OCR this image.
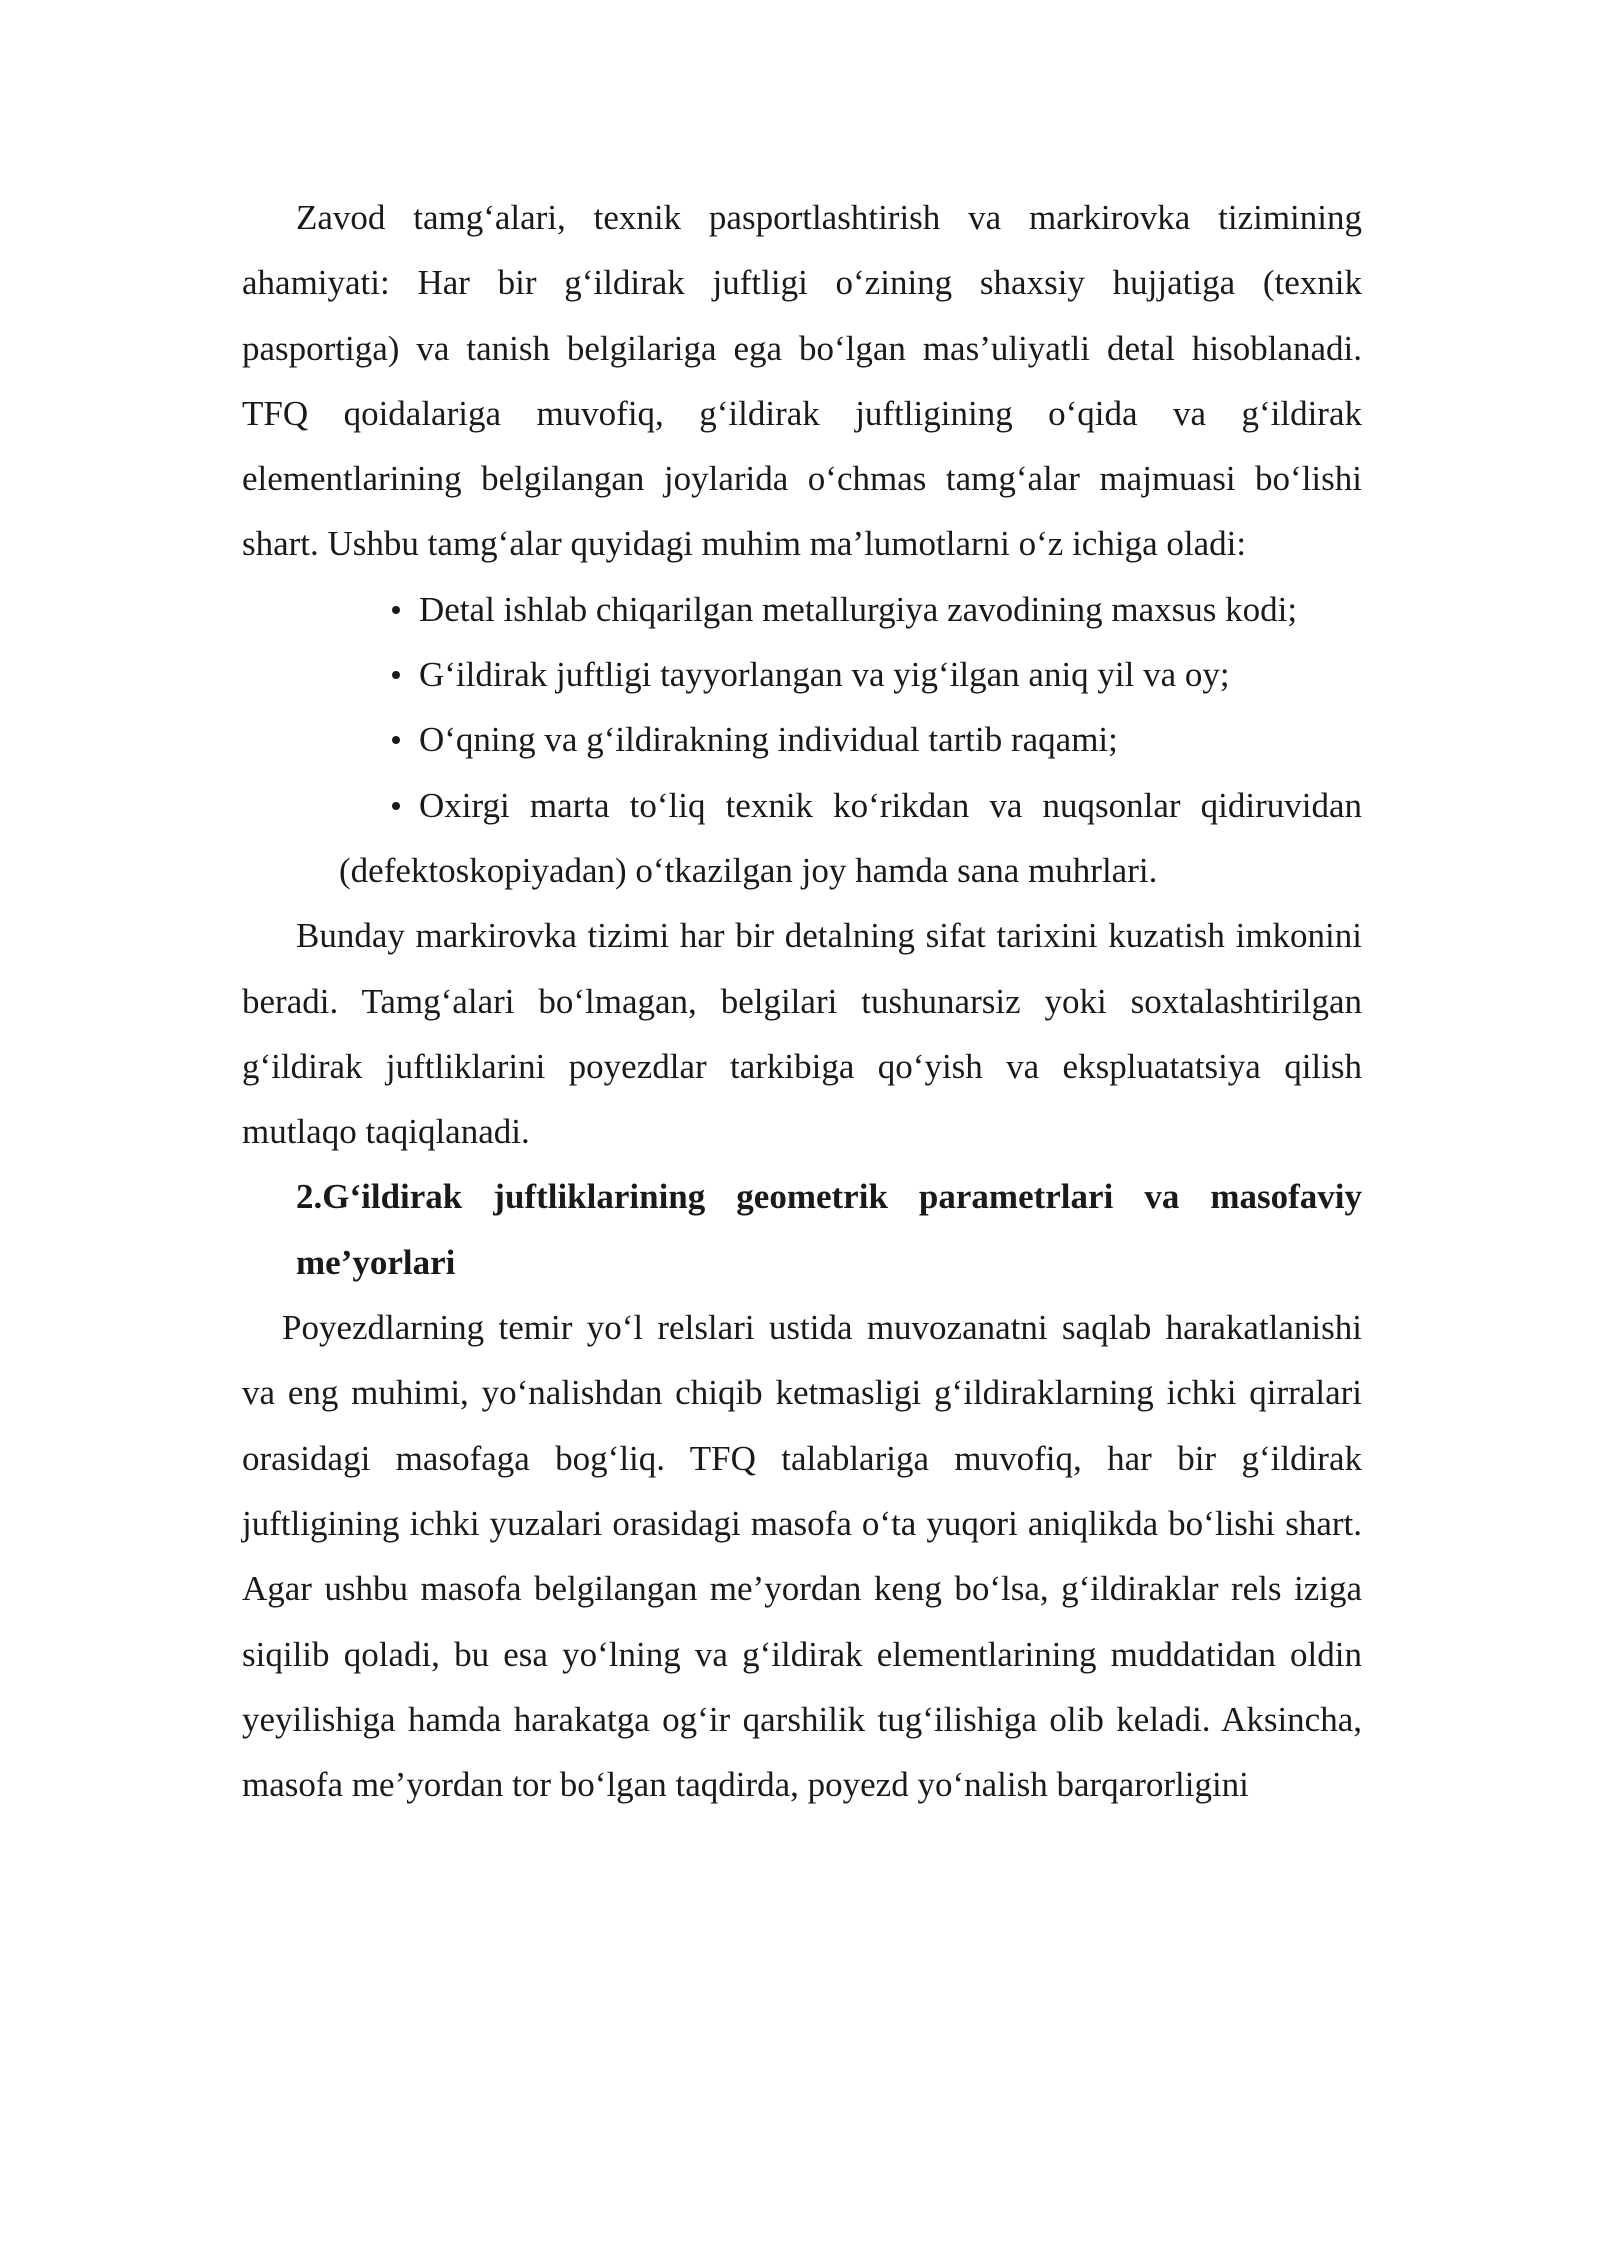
Zavod tamg‘alari, texnik pasportlashtirish va markirovka tizimining ahamiyati: Har bir g‘ildirak juftligi o‘zining shaxsiy hujjatiga (texnik pasportiga) va tanish belgilariga ega bo‘lgan mas’uliyatli detal hisoblanadi. TFQ qoidalariga muvofiq, g‘ildirak juftligining o‘qida va g‘ildirak elementlarining belgilangan joylarida o‘chmas tamg‘alar majmuasi bo‘lishi shart. Ushbu tamg‘alar quyidagi muhim ma’lumotlarni o‘z ichiga oladi:

Detal ishlab chiqarilgan metallurgiya zavodining maxsus kodi;
G‘ildirak juftligi tayyorlangan va yig‘ilgan aniq yil va oy;
O‘qning va g‘ildirakning individual tartib raqami;
Oxirgi marta to‘liq texnik ko‘rikdan va nuqsonlar qidiruvidan (defektoskopiyadan) o‘tkazilgan joy hamda sana muhrlari.

Bunday markirovka tizimi har bir detalning sifat tarixini kuzatish imkonini beradi. Tamg‘alari bo‘lmagan, belgilari tushunarsiz yoki soxtalashtirilgan g‘ildirak juftliklarini poyezdlar tarkibiga qo‘yish va ekspluatatsiya qilish mutlaqo taqiqlanadi.

2.G‘ildirak juftliklarining geometrik parametrlari va masofaviy me’yorlari

Poyezdlarning temir yo‘l relslari ustida muvozanatni saqlab harakatlanishi va eng muhimi, yo‘nalishdan chiqib ketmasligi g‘ildiraklarning ichki qirralari orasidagi masofaga bog‘liq. TFQ talablariga muvofiq, har bir g‘ildirak juftligining ichki yuzalari orasidagi masofa o‘ta yuqori aniqlikda bo‘lishi shart. Agar ushbu masofa belgilangan me’yordan keng bo‘lsa, g‘ildiraklar rels iziga siqilib qoladi, bu esa yo‘lning va g‘ildirak elementlarining muddatidan oldin yeyilishiga hamda harakatga og‘ir qarshilik tug‘ilishiga olib keladi. Aksincha, masofa me’yordan tor bo‘lgan taqdirda, poyezd yo‘nalish barqarorligini
